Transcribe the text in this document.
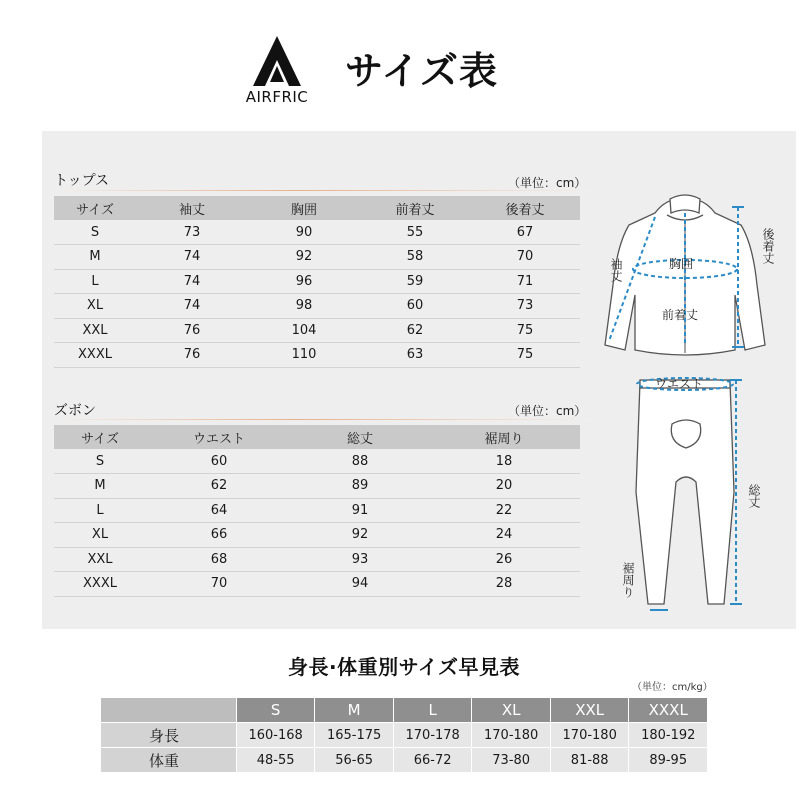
AIRFRIC
サイズ表
トップス	（単位：cm）
サイズ	袖丈	胸囲	前着丈	後着丈
S	73	90	55	67
M	74	92	58	70
L	74	96	59	71
XL	74	98	60	73
XXL	76	104	62	75
XXXL	76	110	63	75
ズボン	（単位：cm）
サイズ	ウエスト	総丈	裾周り
S	60	88	18
M	62	89	20
L	64	91	22
XL	66	92	24
XXL	68	93	26
XXXL	70	94	28
袖丈	胸囲
前着丈
後着丈
ウエスト
総丈
裾周り
身長·体重別サイズ早見表
（単位：cm/kg）
	S	M	L	XL	XXL	XXXL
身長	160-168	165-175	170-178	170-180	170-180	180-192
体重	48-55	56-65	66-72	73-80	81-88	89-95
